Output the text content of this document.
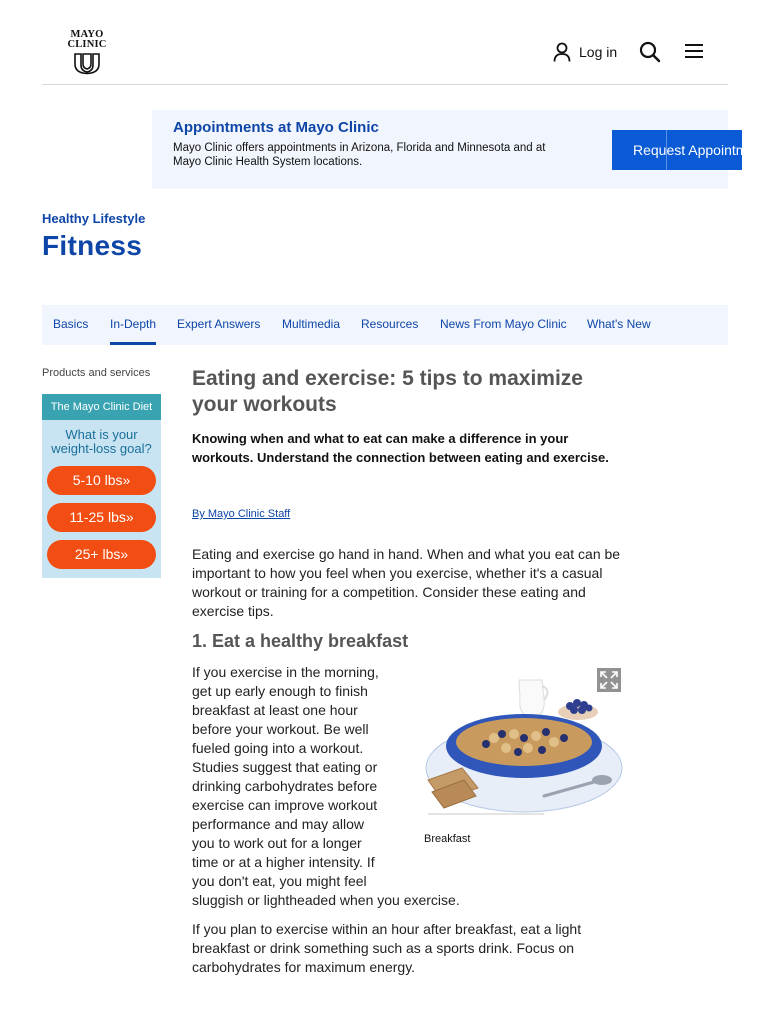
MAYO
CLINIC	Log in
Appointments at Mayo Clinic
Mayo Clinic offers appointments in Arizona, Florida and Minnesota and at Mayo Clinic Health System locations.
Request Appointment
Healthy Lifestyle
Fitness
Basics In-Depth Expert Answers Multimedia Resources News From Mayo Clinic What's New
Products and services
The Mayo Clinic Diet
What is your
weight-loss goal?
5-10 lbs»
11-25 lbs»
25+ lbs»
Eating and exercise: 5 tips to maximize your workouts

Knowing when and what to eat can make a difference in your workouts. Understand the connection between eating and exercise.

By Mayo Clinic Staff

Eating and exercise go hand in hand. When and what you eat can be important to how you feel when you exercise, whether it's a casual workout or training for a competition. Consider these eating and exercise tips.

1. Eat a healthy breakfast

If you exercise in the morning, get up early enough to finish breakfast at least one hour before your workout. Be well fueled going into a workout. Studies suggest that eating or drinking carbohydrates before exercise can improve workout performance and may allow you to work out for a longer time or at a higher intensity. If you don't eat, you might feel sluggish or lightheaded when you exercise.

If you plan to exercise within an hour after breakfast, eat a light breakfast or drink something such as a sports drink. Focus on carbohydrates for maximum energy.

Breakfast
